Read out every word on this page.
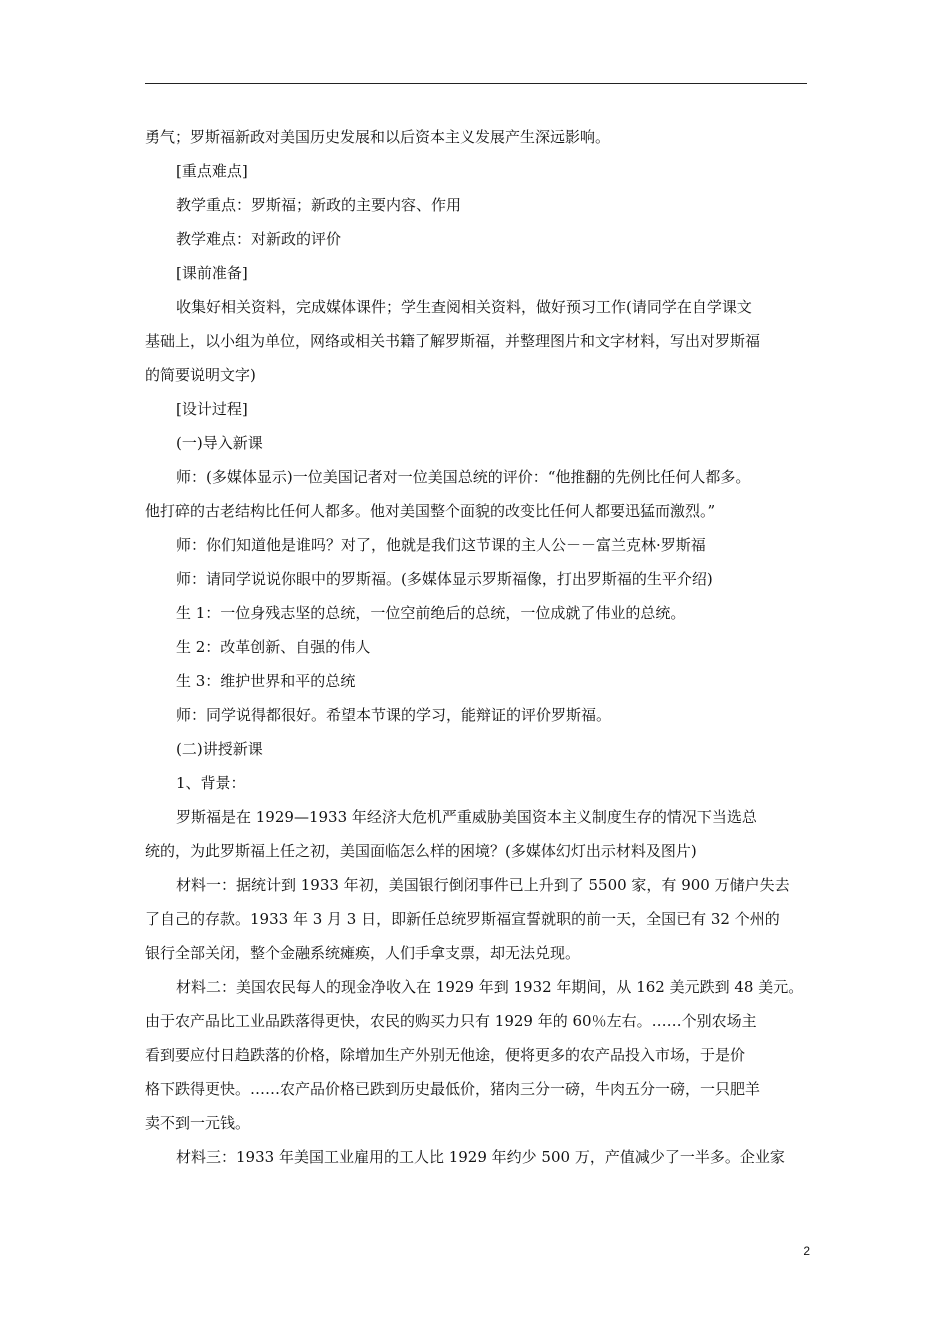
勇气；罗斯福新政对美国历史发展和以后资本主义发展产生深远影响。
[重点难点]
教学重点：罗斯福；新政的主要内容、作用
教学难点：对新政的评价
[课前准备]
收集好相关资料，完成媒体课件；学生查阅相关资料，做好预习工作(请同学在自学课文
基础上，以小组为单位，网络或相关书籍了解罗斯福，并整理图片和文字材料，写出对罗斯福
的简要说明文字)
[设计过程]
(一)导入新课
师：(多媒体显示)一位美国记者对一位美国总统的评价：“他推翻的先例比任何人都多。
他打碎的古老结构比任何人都多。他对美国整个面貌的改变比任何人都要迅猛而激烈。”
师：你们知道他是谁吗？对了，他就是我们这节课的主人公－－富兰克林·罗斯福
师：请同学说说你眼中的罗斯福。(多媒体显示罗斯福像，打出罗斯福的生平介绍)
生 1：一位身残志坚的总统，一位空前绝后的总统，一位成就了伟业的总统。
生 2：改革创新、自强的伟人
生 3：维护世界和平的总统
师：同学说得都很好。希望本节课的学习，能辩证的评价罗斯福。
(二)讲授新课
1、背景：
罗斯福是在 1929—1933 年经济大危机严重威胁美国资本主义制度生存的情况下当选总
统的，为此罗斯福上任之初，美国面临怎么样的困境？(多媒体幻灯出示材料及图片)
材料一：据统计到 1933 年初，美国银行倒闭事件已上升到了 5500 家，有 900 万储户失去
了自己的存款。1933 年 3 月 3 日，即新任总统罗斯福宣誓就职的前一天，全国已有 32 个州的
银行全部关闭，整个金融系统瘫痪，人们手拿支票，却无法兑现。
材料二：美国农民每人的现金净收入在 1929 年到 1932 年期间，从 162 美元跌到 48 美元。
由于农产品比工业品跌落得更快，农民的购买力只有 1929 年的 60％左右。……个别农场主
看到要应付日趋跌落的价格，除增加生产外别无他途，便将更多的农产品投入市场，于是价
格下跌得更快。……农产品价格已跌到历史最低价，猪肉三分一磅，牛肉五分一磅，一只肥羊
卖不到一元钱。
材料三：1933 年美国工业雇用的工人比 1929 年约少 500 万，产值减少了一半多。企业家
2
